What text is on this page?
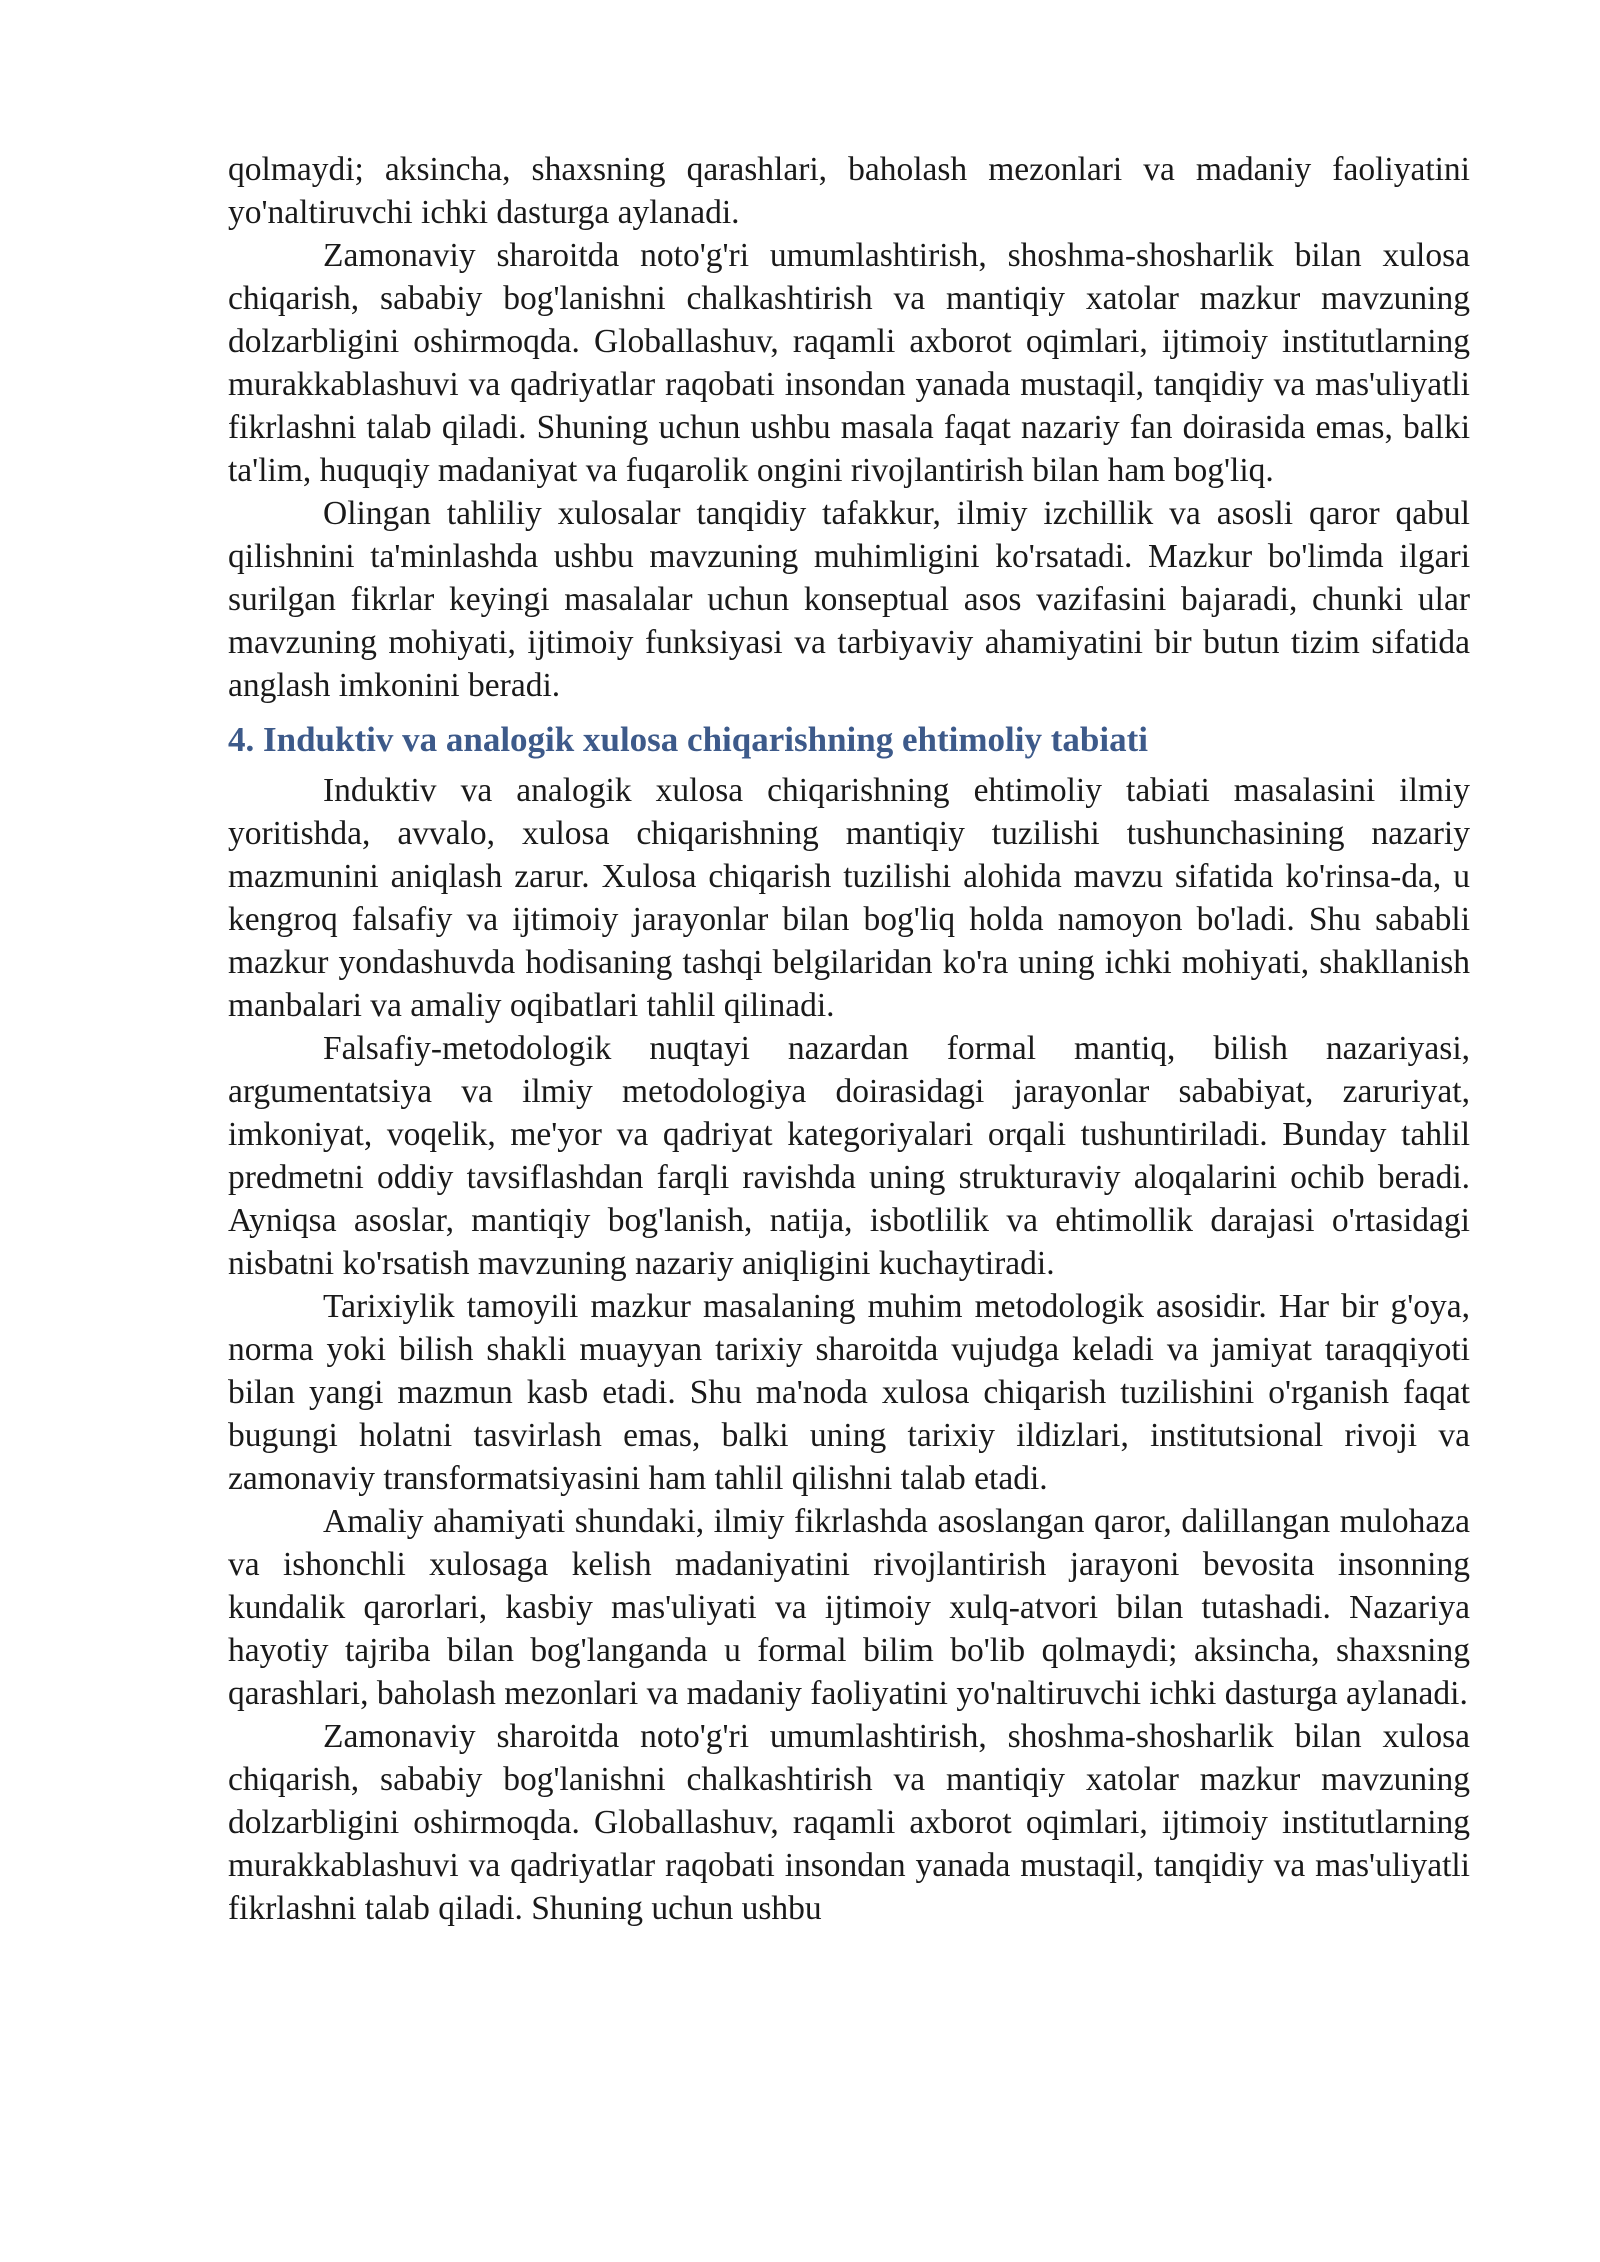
qolmaydi; aksincha, shaxsning qarashlari, baholash mezonlari va madaniy faoliyatini yo'naltiruvchi ichki dasturga aylanadi.

Zamonaviy sharoitda noto'g'ri umumlashtirish, shoshma-shosharlik bilan xulosa chiqarish, sababiy bog'lanishni chalkashtirish va mantiqiy xatolar mazkur mavzuning dolzarbligini oshirmoqda. Globallashuv, raqamli axborot oqimlari, ijtimoiy institutlarning murakkablashuvi va qadriyatlar raqobati insondan yanada mustaqil, tanqidiy va mas'uliyatli fikrlashni talab qiladi. Shuning uchun ushbu masala faqat nazariy fan doirasida emas, balki ta'lim, huquqiy madaniyat va fuqarolik ongini rivojlantirish bilan ham bog'liq.

Olingan tahliliy xulosalar tanqidiy tafakkur, ilmiy izchillik va asosli qaror qabul qilishnini ta'minlashda ushbu mavzuning muhimligini ko'rsatadi. Mazkur bo'limda ilgari surilgan fikrlar keyingi masalalar uchun konseptual asos vazifasini bajaradi, chunki ular mavzuning mohiyati, ijtimoiy funksiyasi va tarbiyaviy ahamiyatini bir butun tizim sifatida anglash imkonini beradi.

4. Induktiv va analogik xulosa chiqarishning ehtimoliy tabiati

Induktiv va analogik xulosa chiqarishning ehtimoliy tabiati masalasini ilmiy yoritishda, avvalo, xulosa chiqarishning mantiqiy tuzilishi tushunchasining nazariy mazmunini aniqlash zarur. Xulosa chiqarish tuzilishi alohida mavzu sifatida ko'rinsa-da, u kengroq falsafiy va ijtimoiy jarayonlar bilan bog'liq holda namoyon bo'ladi. Shu sababli mazkur yondashuvda hodisaning tashqi belgilaridan ko'ra uning ichki mohiyati, shakllanish manbalari va amaliy oqibatlari tahlil qilinadi.

Falsafiy-metodologik nuqtayi nazardan formal mantiq, bilish nazariyasi, argumentatsiya va ilmiy metodologiya doirasidagi jarayonlar sababiyat, zaruriyat, imkoniyat, voqelik, me'yor va qadriyat kategoriyalari orqali tushuntiriladi. Bunday tahlil predmetni oddiy tavsiflashdan farqli ravishda uning strukturaviy aloqalarini ochib beradi. Ayniqsa asoslar, mantiqiy bog'lanish, natija, isbotlilik va ehtimollik darajasi o'rtasidagi nisbatni ko'rsatish mavzuning nazariy aniqligini kuchaytiradi.

Tarixiylik tamoyili mazkur masalaning muhim metodologik asosidir. Har bir g'oya, norma yoki bilish shakli muayyan tarixiy sharoitda vujudga keladi va jamiyat taraqqiyoti bilan yangi mazmun kasb etadi. Shu ma'noda xulosa chiqarish tuzilishini o'rganish faqat bugungi holatni tasvirlash emas, balki uning tarixiy ildizlari, institutsional rivoji va zamonaviy transformatsiyasini ham tahlil qilishni talab etadi.

Amaliy ahamiyati shundaki, ilmiy fikrlashda asoslangan qaror, dalillangan mulohaza va ishonchli xulosaga kelish madaniyatini rivojlantirish jarayoni bevosita insonning kundalik qarorlari, kasbiy mas'uliyati va ijtimoiy xulq-atvori bilan tutashadi. Nazariya hayotiy tajriba bilan bog'langanda u formal bilim bo'lib qolmaydi; aksincha, shaxsning qarashlari, baholash mezonlari va madaniy faoliyatini yo'naltiruvchi ichki dasturga aylanadi.

Zamonaviy sharoitda noto'g'ri umumlashtirish, shoshma-shosharlik bilan xulosa chiqarish, sababiy bog'lanishni chalkashtirish va mantiqiy xatolar mazkur mavzuning dolzarbligini oshirmoqda. Globallashuv, raqamli axborot oqimlari, ijtimoiy institutlarning murakkablashuvi va qadriyatlar raqobati insondan yanada mustaqil, tanqidiy va mas'uliyatli fikrlashni talab qiladi. Shuning uchun ushbu
